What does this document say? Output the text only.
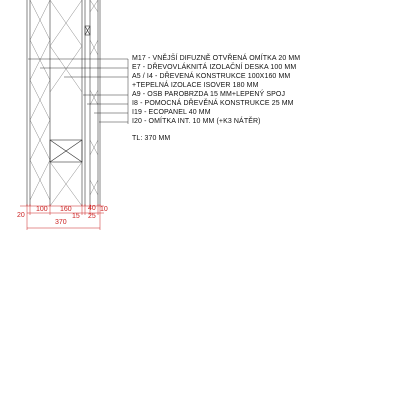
100 160 40 10
20	15 25
370
M17 - VNĚJŠÍ DIFUZNĚ OTVŘENÁ OMÍTKA 20 MM
E7 - DŘEVOVLÁKNITÁ IZOLAČNÍ DESKA 100 MM
A5 / I4 - DŘEVENÁ KONSTRUKCE 100X160 MM
+TEPELNÁ IZOLACE ISOVER 180 MM
A9 - OSB PAROBRZDA 15 MM+LEPENÝ SPOJ
I8 - POMOCNÁ DŘEVĚNÁ KONSTRUKCE 25 MM
I19 - ECOPANEL 40 MM
I20 - OMÍTKA INT. 10 MM (+K3 NÁTĚR)
TL: 370 MM
